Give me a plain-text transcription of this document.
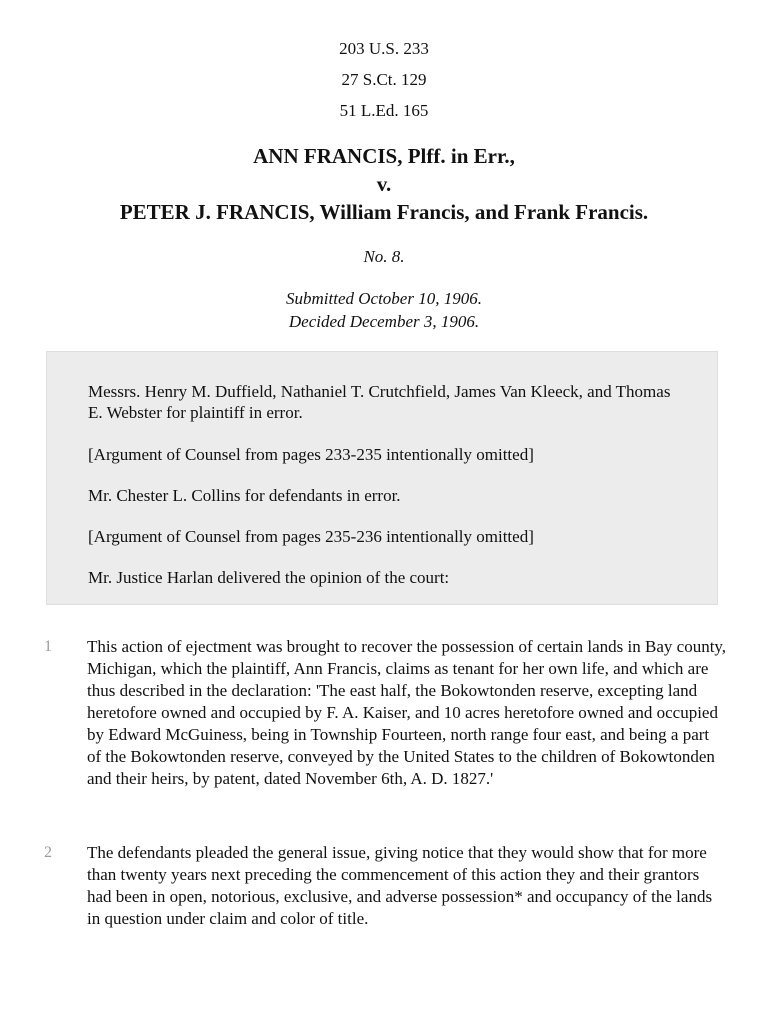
203 U.S. 233
27 S.Ct. 129
51 L.Ed. 165
ANN FRANCIS, Plff. in Err.,
v.
PETER J. FRANCIS, William Francis, and Frank Francis.
No. 8.
Submitted October 10, 1906.
Decided December 3, 1906.

Messrs. Henry M. Duffield, Nathaniel T. Crutchfield, James Van Kleeck, and Thomas E. Webster for plaintiff in error.

[Argument of Counsel from pages 233-235 intentionally omitted]

Mr. Chester L. Collins for defendants in error.

[Argument of Counsel from pages 235-236 intentionally omitted]

Mr. Justice Harlan delivered the opinion of the court:

1 This action of ejectment was brought to recover the possession of certain lands in Bay county, Michigan, which the plaintiff, Ann Francis, claims as tenant for her own life, and which are thus described in the declaration: 'The east half, the Bokowtonden reserve, excepting land heretofore owned and occupied by F. A. Kaiser, and 10 acres heretofore owned and occupied by Edward McGuiness, being in Township Fourteen, north range four east, and being a part of the Bokowtonden reserve, conveyed by the United States to the children of Bokowtonden and their heirs, by patent, dated November 6th, A. D. 1827.'

2 The defendants pleaded the general issue, giving notice that they would show that for more than twenty years next preceding the commencement of this action they and their grantors had been in open, notorious, exclusive, and adverse possession* and occupancy of the lands in question under claim and color of title.
